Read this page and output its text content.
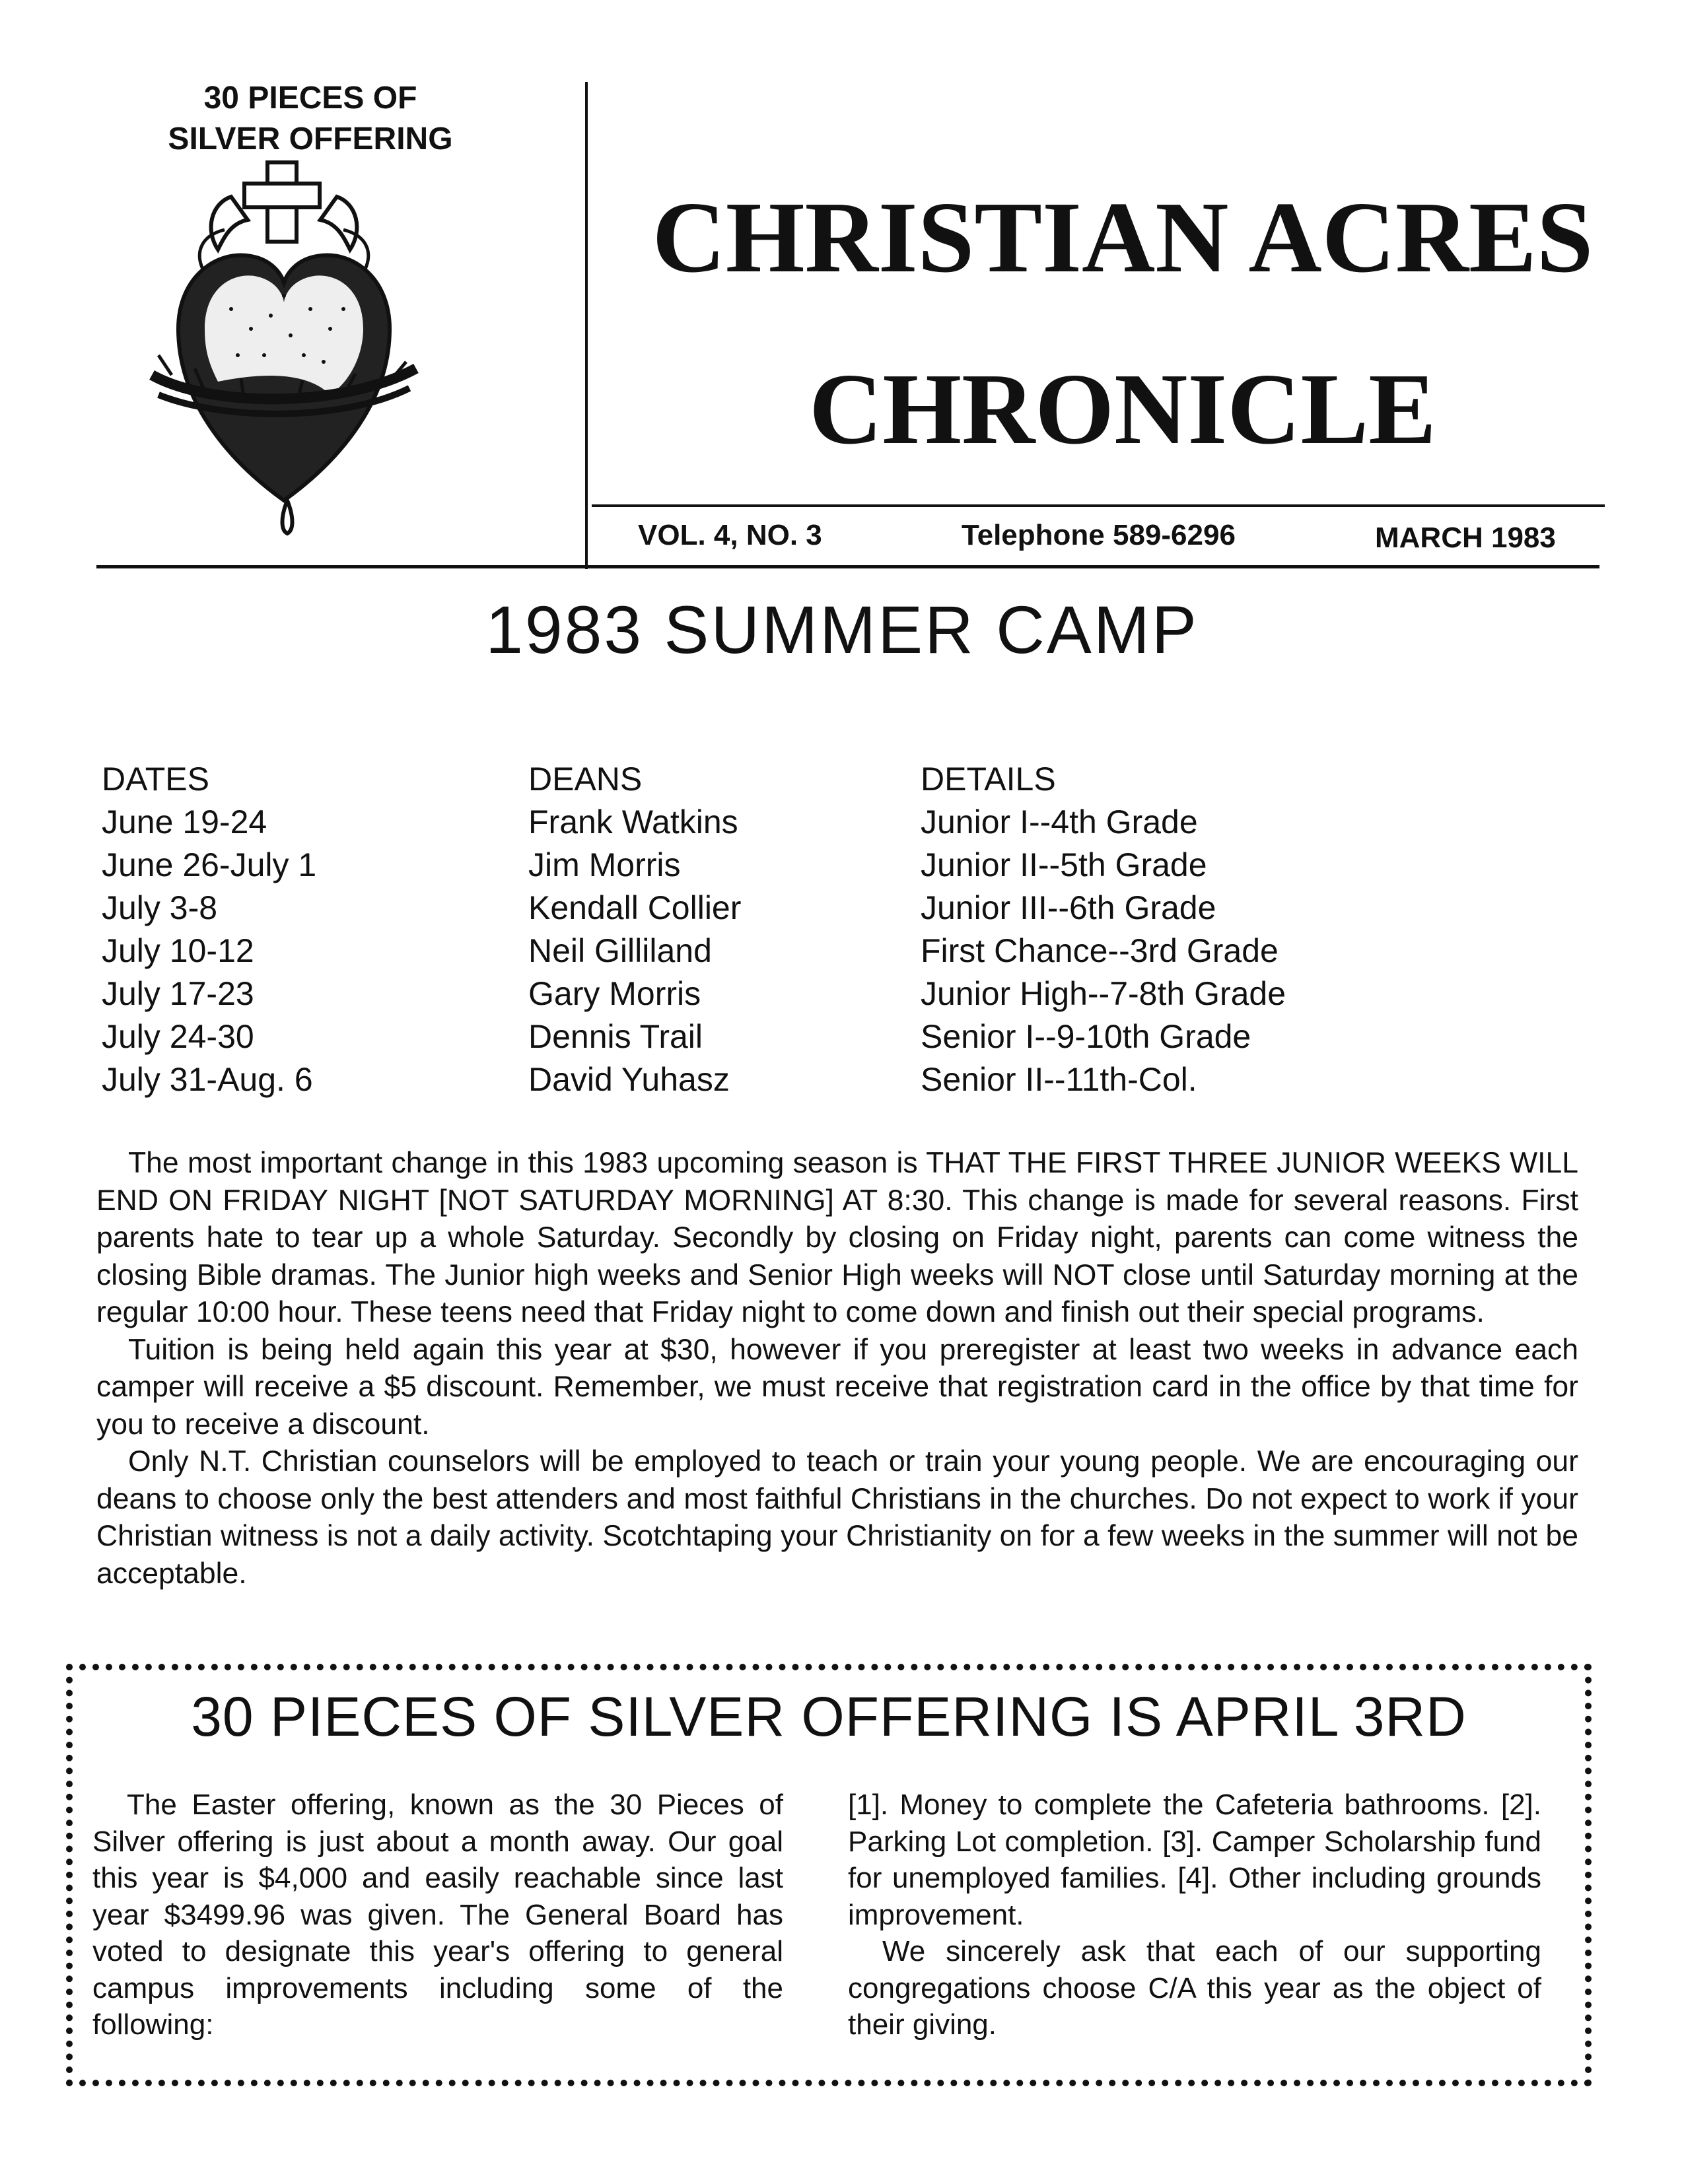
30 PIECES OF
SILVER OFFERING
CHRISTIAN ACRES
CHRONICLE
VOL. 4, NO. 3	Telephone 589-6296	MARCH 1983
1983 SUMMER CAMP
DATES
June 19-24
June 26-July 1
July 3-8
July 10-12
July 17-23
July 24-30
July 31-Aug. 6
DEANS
Frank Watkins
Jim Morris
Kendall Collier
Neil Gilliland
Gary Morris
Dennis Trail
David Yuhasz
DETAILS
Junior I--4th Grade
Junior II--5th Grade
Junior III--6th Grade
First Chance--3rd Grade
Junior High--7-8th Grade
Senior I--9-10th Grade
Senior II--11th-Col.

The most important change in this 1983 upcoming season is THAT THE FIRST THREE JUNIOR WEEKS WILL END ON FRIDAY NIGHT [NOT SATURDAY MORNING] AT 8:30. This change is made for several reasons. First parents hate to tear up a whole Saturday. Secondly by closing on Friday night, parents can come witness the closing Bible dramas. The Junior high weeks and Senior High weeks will NOT close until Saturday morning at the regular 10:00 hour. These teens need that Friday night to come down and finish out their special programs.

Tuition is being held again this year at $30, however if you preregister at least two weeks in advance each camper will receive a $5 discount. Remember, we must receive that registration card in the office by that time for you to receive a discount.

Only N.T. Christian counselors will be employed to teach or train your young people. We are encouraging our deans to choose only the best attenders and most faithful Christians in the churches. Do not expect to work if your Christian witness is not a daily activity. Scotchtaping your Christianity on for a few weeks in the summer will not be acceptable.

30 PIECES OF SILVER OFFERING IS APRIL 3RD

The Easter offering, known as the 30 Pieces of Silver offering is just about a month away. Our goal this year is $4,000 and easily reachable since last year $3499.96 was given. The General Board has voted to designate this year's offering to general campus improvements including some of the following:

[1]. Money to complete the Cafeteria bathrooms. [2]. Parking Lot completion. [3]. Camper Scholarship fund for unemployed families. [4]. Other including grounds improvement.

We sincerely ask that each of our supporting congregations choose C/A this year as the object of their giving.
